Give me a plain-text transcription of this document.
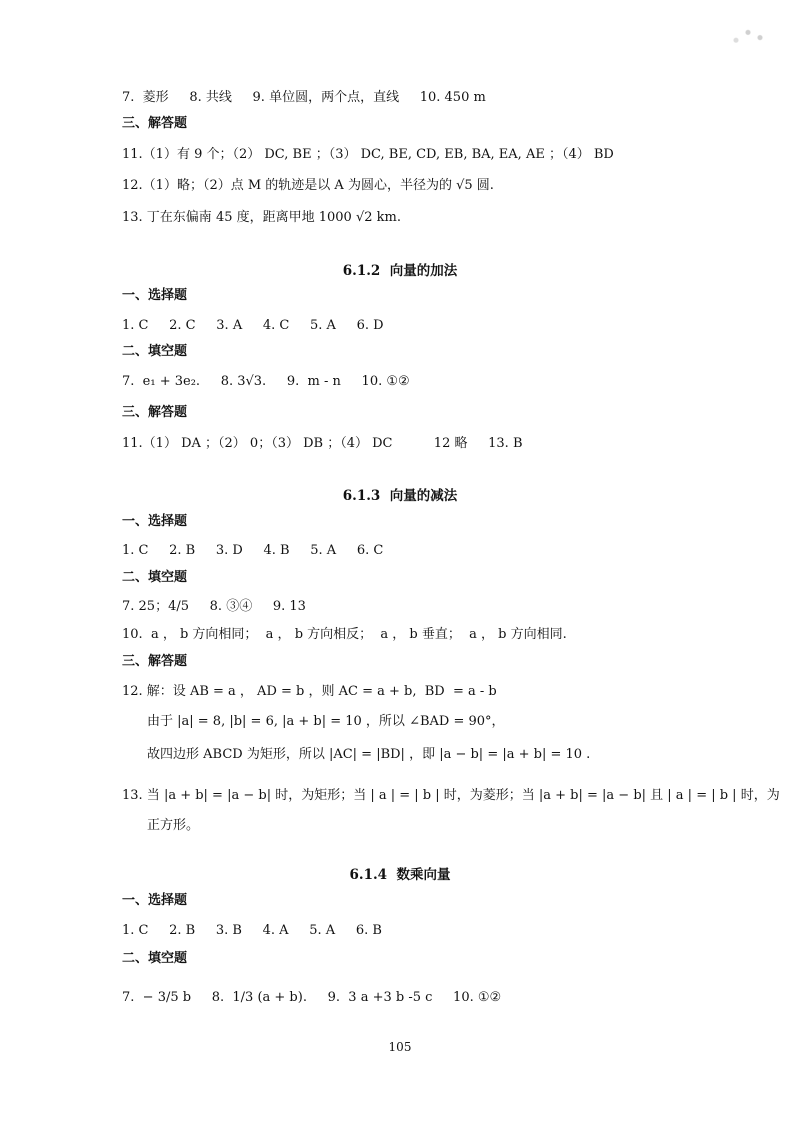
7.  菱形     8. 共线     9. 单位圆，两个点，直线     10. 450 m
三、解答题
11.（1）有 9 个；（2） DC, BE ；（3） DC, BE, CD, EB, BA, EA, AE ；（4） BD
12.（1）略；（2）点 M 的轨迹是以 A 为圆心，半径为的 √5 圆.
13. 丁在东偏南 45 度，距离甲地 1000 √2 km.
6.1.2  向量的加法
一、选择题
1. C     2. C     3. A     4. C     5. A     6. D
二、填空题
7.  e₁ + 3e₂.     8. 3√3.     9.  m - n     10. ①②
三、解答题
11.（1） DA ；（2） 0；（3） DB ；（4） DC          12 略     13. B
6.1.3  向量的减法
一、选择题
1. C     2. B     3. D     4. B     5. A     6. C
二、填空题
7. 25；4/5     8. ③④     9. 13
10.  a ， b 方向相同；  a ， b 方向相反；  a ， b 垂直；  a ， b 方向相同.
三、解答题
12. 解：设 AB = a ， AD = b ，则 AC = a + b,  BD  = a - b
由于 |a| = 8, |b| = 6, |a + b| = 10 ，所以 ∠BAD = 90°，
故四边形 ABCD 为矩形，所以 |AC| = |BD| ，即 |a − b| = |a + b| = 10 .
13. 当 |a + b| = |a − b| 时，为矩形；当 | a | = | b | 时，为菱形；当 |a + b| = |a − b| 且 | a | = | b | 时，为
正方形。
6.1.4  数乘向量
一、选择题
1. C     2. B     3. B     4. A     5. A     6. B
二、填空题
7.  − 3/5 b     8.  1/3 (a + b).     9.  3 a +3 b -5 c     10. ①②
105
